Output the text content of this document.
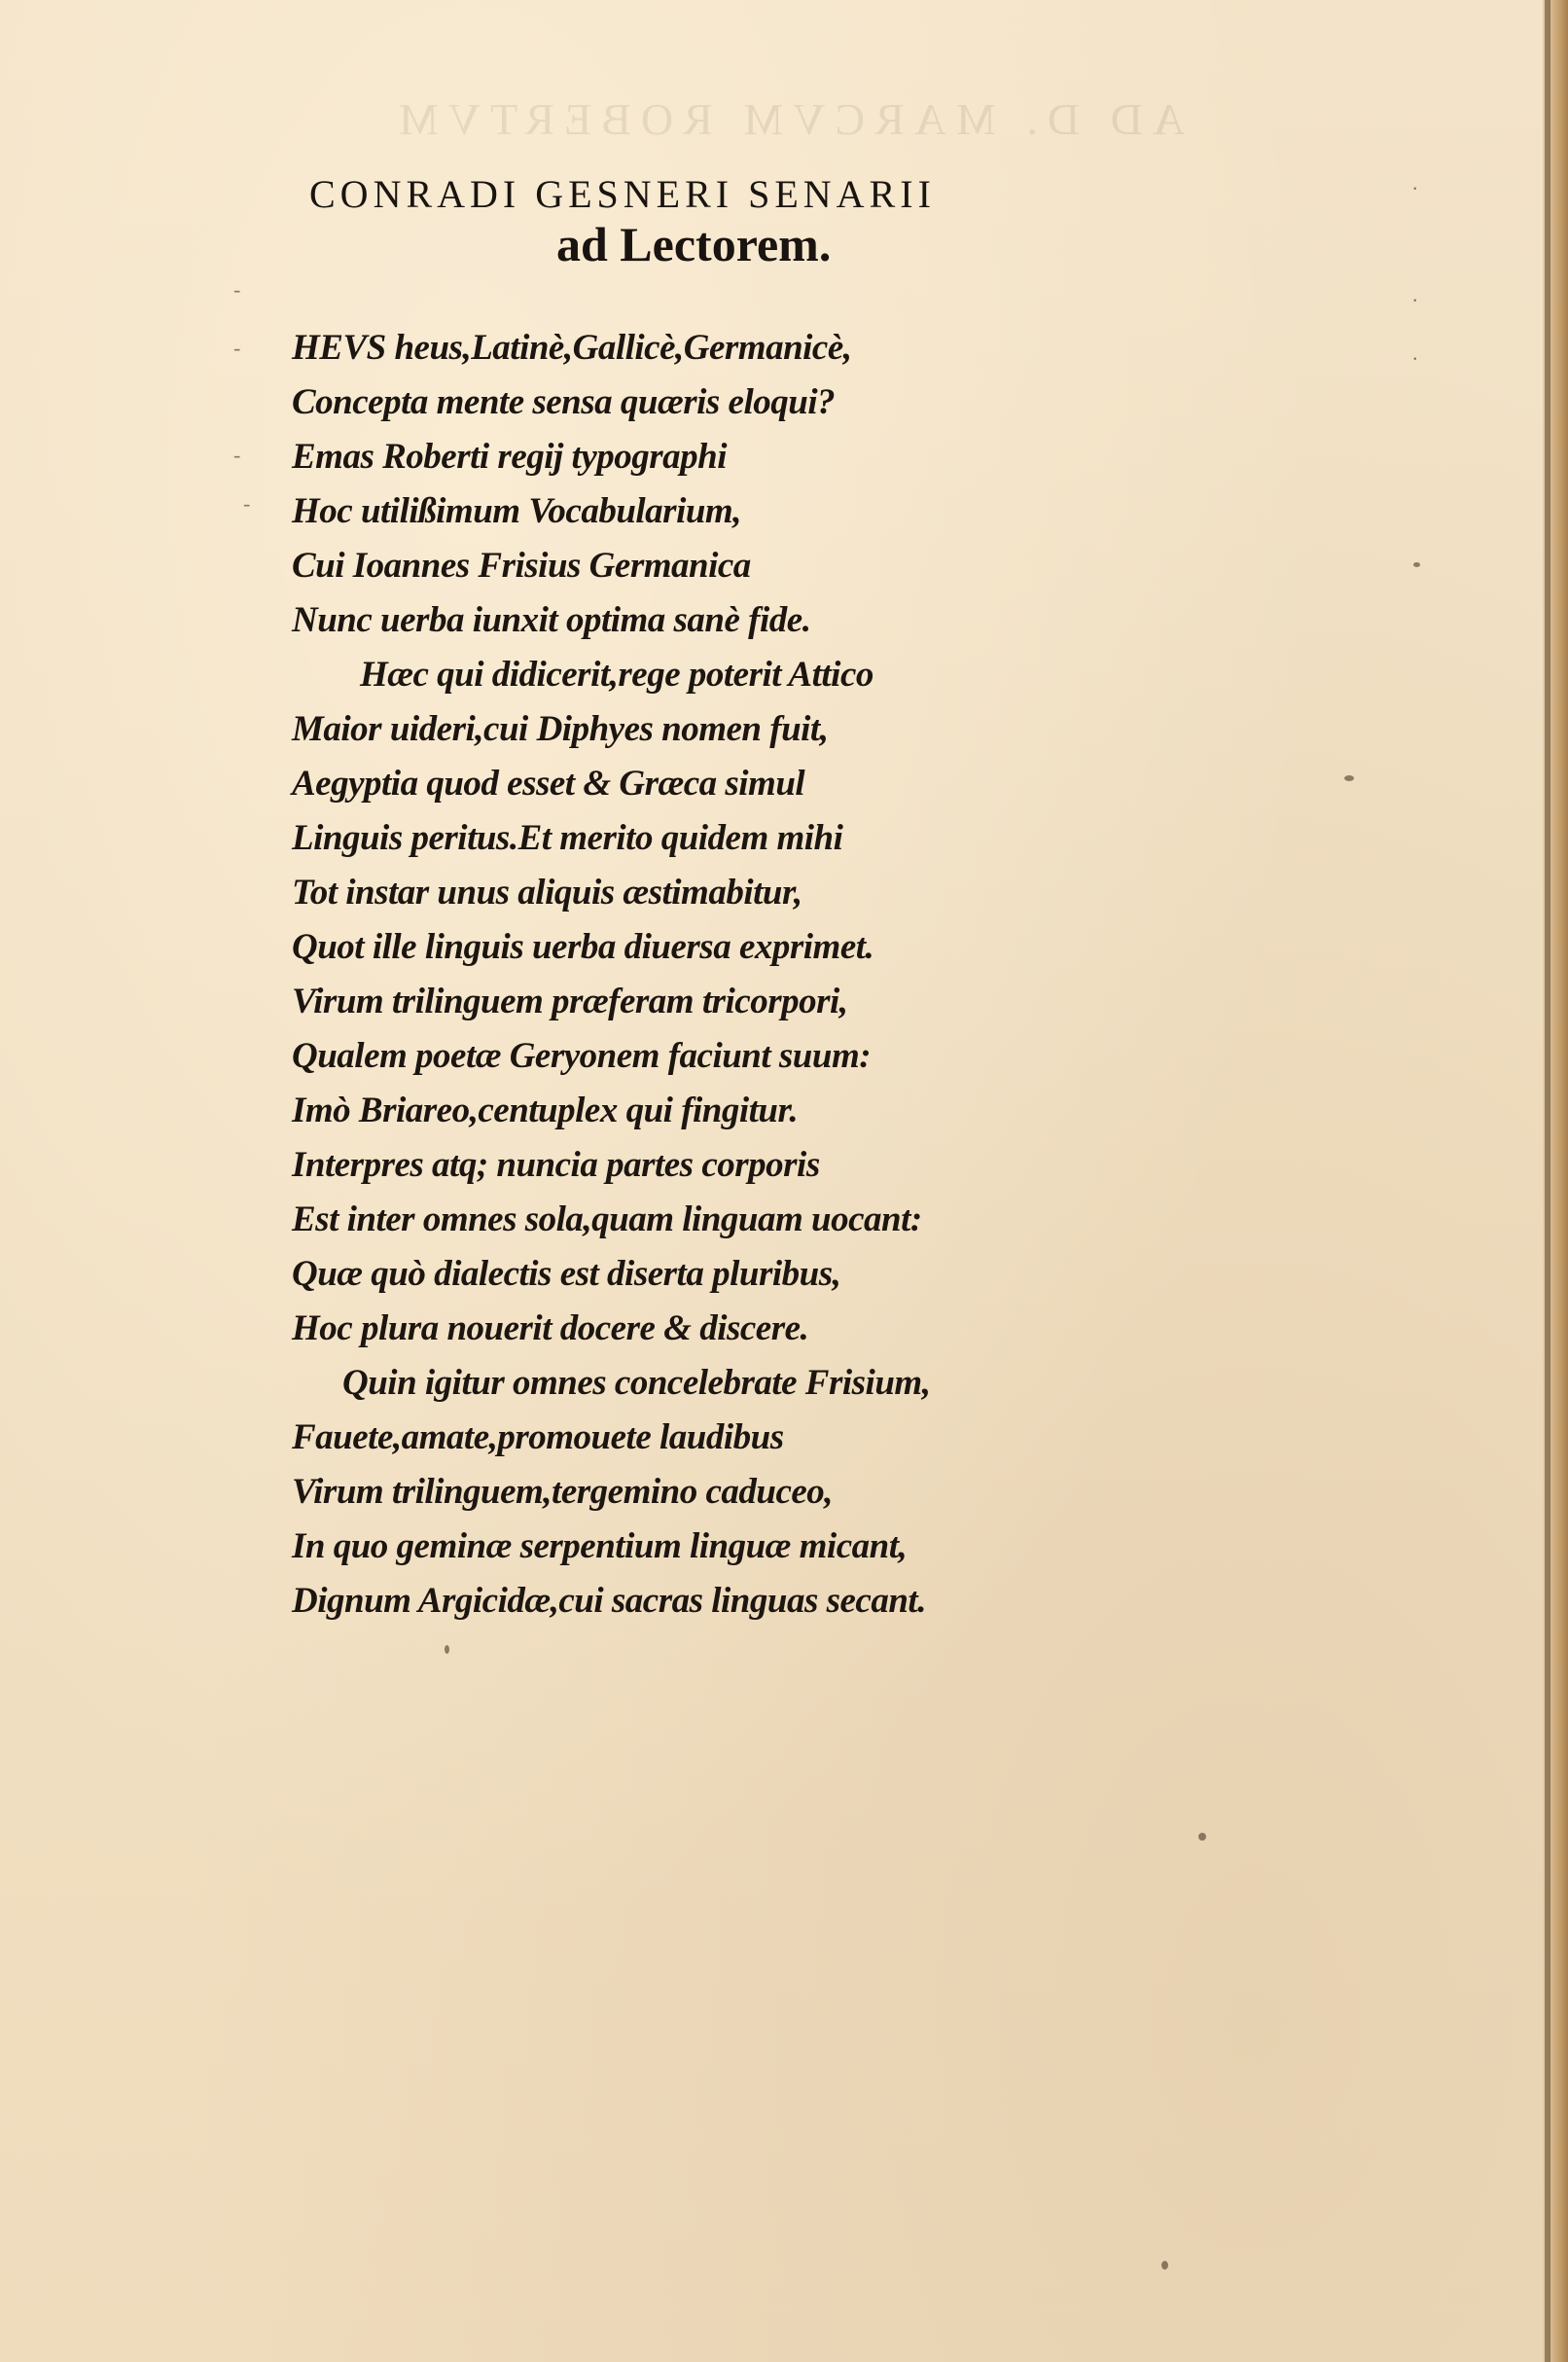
AD D. MARCVM ROBERTVM
CONRADI GESNERI SENARII
ad Lectorem.
HEVS heus,Latinè,Gallicè,Germanicè,
Concepta mente sensa quæris eloqui?
Emas Roberti regij typographi
Hoc utilißimum Vocabularium,
Cui Ioannes Frisius Germanica
Nunc uerba iunxit optima sanè fide.
Hæc qui didicerit,rege poterit Attico
Maior uideri,cui Diphyes nomen fuit,
Aegyptia quod esset & Græca simul
Linguis peritus.Et merito quidem mihi
Tot instar unus aliquis æstimabitur,
Quot ille linguis uerba diuersa exprimet.
Virum trilinguem præferam tricorpori,
Qualem poetæ Geryonem faciunt suum:
Imò Briareo,centuplex qui fingitur.
Interpres atq; nuncia partes corporis
Est inter omnes sola,quam linguam uocant:
Quæ quò dialectis est diserta pluribus,
Hoc plura nouerit docere & discere.
Quin igitur omnes concelebrate Frisium,
Fauete,amate,promouete laudibus
Virum trilinguem,tergemino caduceo,
In quo geminæ serpentium linguæ micant,
Dignum Argicidæ,cui sacras linguas secant.
-
-
-
-
.
.
.
